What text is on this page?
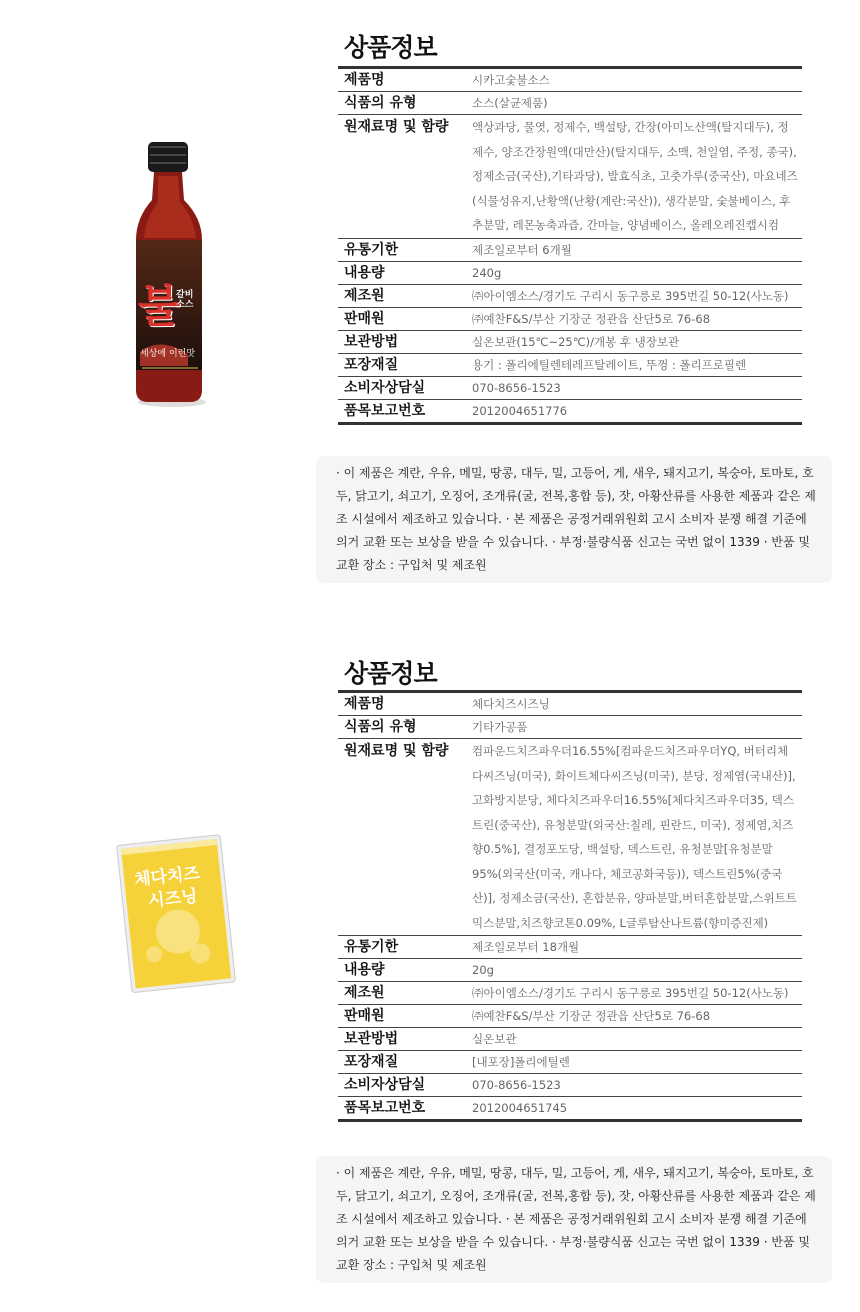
불
갈비소스
세상에 이런맛
상품정보
제품명	시카고숯불소스
식품의 유형	소스(살균제품)
원재료명 및 함량	액상과당, 물엿, 정제수, 백설탕, 간장(아미노산액(탈지대두), 정제수, 양조간장원액(대만산)(탈지대두, 소맥, 천일염, 주정, 종국), 정제소금(국산),기타과당), 발효식초, 고춧가루(중국산), 마요네즈(식물성유지,난황액(난황(계란:국산)), 생각분말, 숯불베이스, 후추분말, 레몬농축과즙, 간마늘, 양념베이스, 올레오레진캡시컴
유통기한	제조일로부터 6개월
내용량	240g
제조원	㈜아이엠소스/경기도 구리시 동구릉로 395번길 50-12(사노동)
판매원	㈜예찬F&S/부산 기장군 정관읍 산단5로 76-68
보관방법	실온보관(15℃~25℃)/개봉 후 냉장보관
포장재질	용기 : 폴리에틸렌테레프탈레이트, 뚜껑 : 폴리프로필렌
소비자상담실	070-8656-1523
품목보고번호	2012004651776
· 이 제품은 계란, 우유, 메밀, 땅콩, 대두, 밀, 고등어, 게, 새우, 돼지고기, 복숭아, 토마토, 호두, 닭고기, 쇠고기, 오징어, 조개류(굴, 전복,홍합 등), 잣, 아황산류를 사용한 제품과 같은 제조 시설에서 제조하고 있습니다. · 본 제품은 공정거래위원회 고시 소비자 분쟁 해결 기준에 의거 교환 또는 보상을 받을 수 있습니다. · 부정·불량식품 신고는 국번 없이 1339 · 반품 및 교환 장소 : 구입처 및 제조원
체다치즈
시즈닝
상품정보
제품명	체다치즈시즈닝
식품의 유형	기타가공품
원재료명 및 함량	컴파운드치즈파우더16.55%[컴파운드치즈파우더YQ, 버터리체다씨즈닝(미국), 화이트체다씨즈닝(미국), 분당, 정제염(국내산)], 고화방지분당, 체다치즈파우더16.55%[체다치즈파우더35, 덱스트린(중국산), 유청분말(외국산:칠레, 핀란드, 미국), 정제염,치즈향0.5%], 결정포도당, 백설탕, 덱스트린, 유청분말[유청분말95%(외국산(미국, 캐나다, 체코공화국등)), 덱스트린5%(중국산)], 정제소금(국산), 혼합분유, 양파분말,버터혼합분말,스위트트믹스분말,치즈향코톤0.09%, L글루탐산나트륨(향미증진제)
유통기한	제조일로부터 18개월
내용량	20g
제조원	㈜아이엠소스/경기도 구리시 동구릉로 395번길 50-12(사노동)
판매원	㈜예찬F&S/부산 기장군 정관읍 산단5로 76-68
보관방법	실온보관
포장재질	[내포장]폴리에틸렌
소비자상담실	070-8656-1523
품목보고번호	2012004651745
· 이 제품은 계란, 우유, 메밀, 땅콩, 대두, 밀, 고등어, 게, 새우, 돼지고기, 복숭아, 토마토, 호두, 닭고기, 쇠고기, 오징어, 조개류(굴, 전복,홍합 등), 잣, 아황산류를 사용한 제품과 같은 제조 시설에서 제조하고 있습니다. · 본 제품은 공정거래위원회 고시 소비자 분쟁 해결 기준에 의거 교환 또는 보상을 받을 수 있습니다. · 부정·불량식품 신고는 국번 없이 1339 · 반품 및 교환 장소 : 구입처 및 제조원
